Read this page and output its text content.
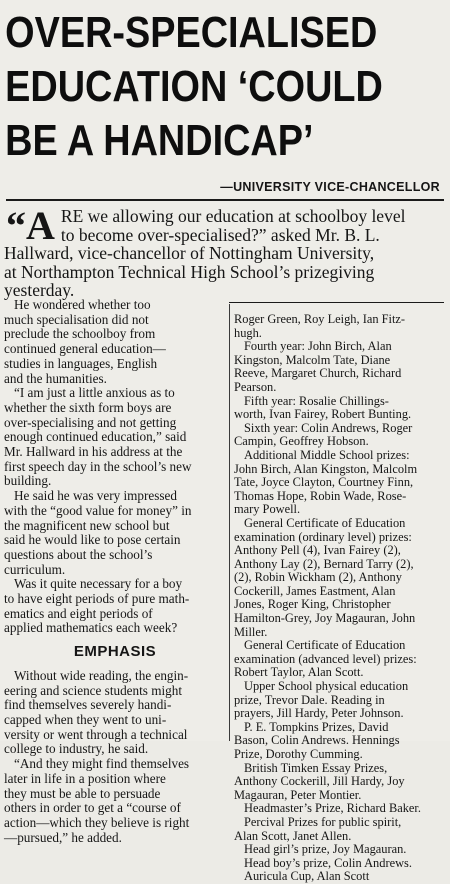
OVER-SPECIALISED
EDUCATION ‘COULD
BE A HANDICAP’
—UNIVERSITY VICE-CHANCELLOR
“A RE we allowing our education at schoolboy level
to become over-specialised?” asked Mr. B. L.
Hallward, vice-chancellor of Nottingham University,
at Northampton Technical High School’s prizegiving
yesterday.
He wondered whether too
much specialisation did not
preclude the schoolboy from
continued general education—
studies in languages, English
and the humanities.
“I am just a little anxious as to
whether the sixth form boys are
over-specialising and not getting
enough continued education,” said
Mr. Hallward in his address at the
first speech day in the school’s new
building.
He said he was very impressed
with the “good value for money” in
the magnificent new school but
said he would like to pose certain
questions about the school’s
curriculum.
Was it quite necessary for a boy
to have eight periods of pure math-
ematics and eight periods of
applied mathematics each week?
EMPHASIS
Without wide reading, the engin-
eering and science students might
find themselves severely handi-
capped when they went to uni-
versity or went through a technical
college to industry, he said.
“And they might find themselves
later in life in a position where
they must be able to persuade
others in order to get a “course of
action—which they believe is right
—pursued,” he added.
Roger Green, Roy Leigh, Ian Fitz-
hugh.
Fourth year: John Birch, Alan
Kingston, Malcolm Tate, Diane
Reeve, Margaret Church, Richard
Pearson.
Fifth year: Rosalie Chillings-
worth, Ivan Fairey, Robert Bunting.
Sixth year: Colin Andrews, Roger
Campin, Geoffrey Hobson.
Additional Middle School prizes:
John Birch, Alan Kingston, Malcolm
Tate, Joyce Clayton, Courtney Finn,
Thomas Hope, Robin Wade, Rose-
mary Powell.
General Certificate of Education
examination (ordinary level) prizes:
Anthony Pell (4), Ivan Fairey (2),
Anthony Lay (2), Bernard Tarry (2),
(2), Robin Wickham (2), Anthony
Cockerill, James Eastment, Alan
Jones, Roger King, Christopher
Hamilton-Grey, Joy Magauran, John
Miller.
General Certificate of Education
examination (advanced level) prizes:
Robert Taylor, Alan Scott.
Upper School physical education
prize, Trevor Dale. Reading in
prayers, Jill Hardy, Peter Johnson.
P. E. Tompkins Prizes, David
Bason, Colin Andrews. Hennings
Prize, Dorothy Cumming.
British Timken Essay Prizes,
Anthony Cockerill, Jill Hardy, Joy
Magauran, Peter Montier.
Headmaster’s Prize, Richard Baker.
Percival Prizes for public spirit,
Alan Scott, Janet Allen.
Head girl’s prize, Joy Magauran.
Head boy’s prize, Colin Andrews.
Auricula Cup, Alan Scott
